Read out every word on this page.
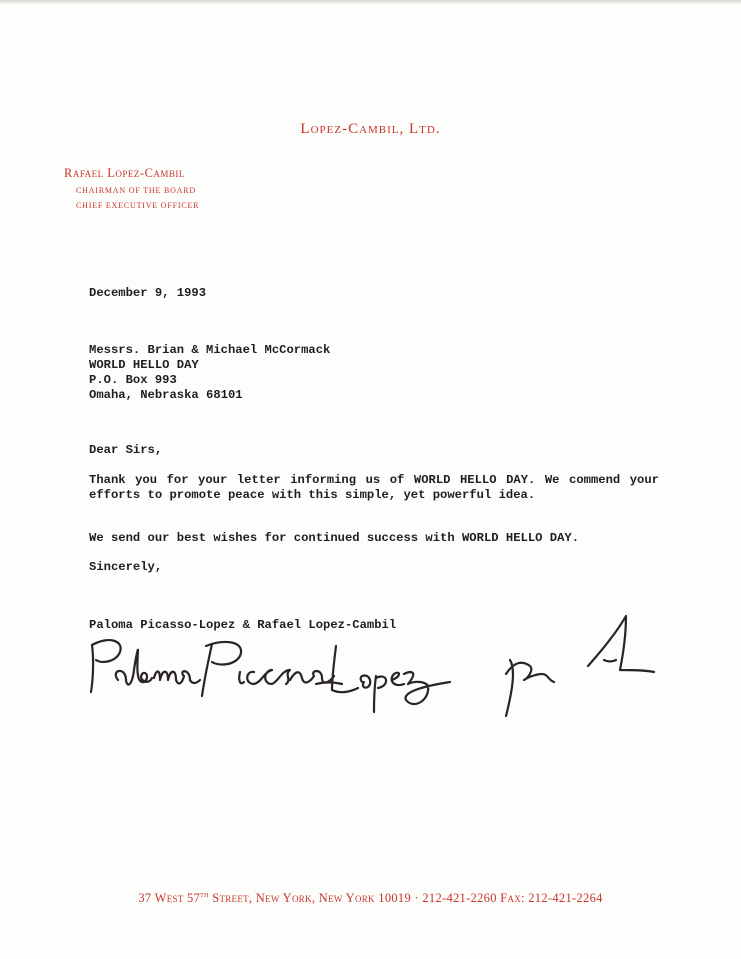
Lopez-Cambil, Ltd.
Rafael Lopez-Cambil
CHAIRMAN OF THE BOARD
CHIEF EXECUTIVE OFFICER
December 9, 1993
Messrs. Brian & Michael McCormack
WORLD HELLO DAY
P.O. Box 993
Omaha, Nebraska 68101
Dear Sirs,
Thank you for your letter informing us of WORLD HELLO DAY. We commend your efforts to promote peace with this simple, yet powerful idea.
We send our best wishes for continued success with WORLD HELLO DAY.
Sincerely,
Paloma Picasso-Lopez & Rafael Lopez-Cambil
37 West 57th Street, New York, New York 10019 · 212-421-2260 Fax: 212-421-2264
